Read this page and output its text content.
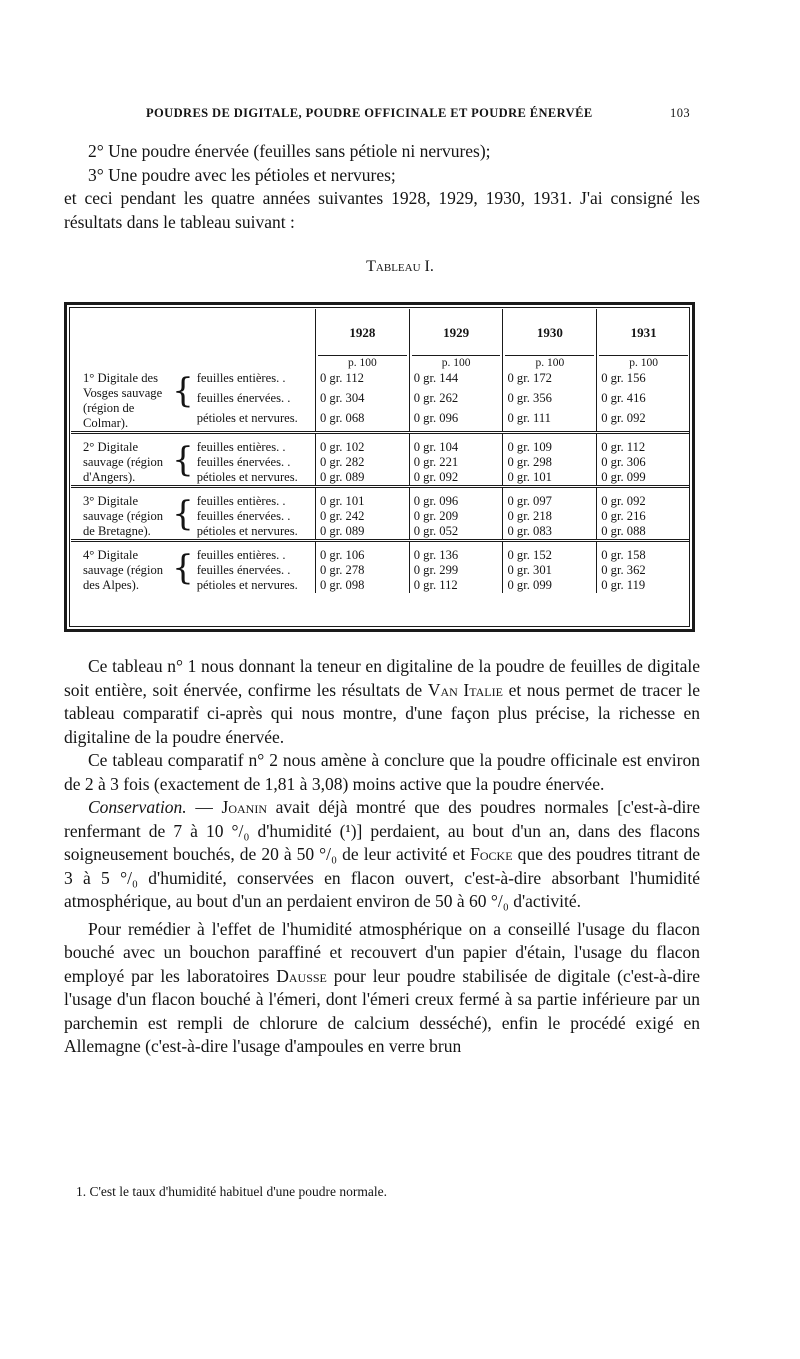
POUDRES DE DIGITALE, POUDRE OFFICINALE ET POUDRE ÉNERVÉE	103

2° Une poudre énervée (feuilles sans pétiole ni nervures);

3° Une poudre avec les pétioles et nervures;

et ceci pendant les quatre années suivantes 1928, 1929, 1930, 1931. J'ai consigné les résultats dans le tableau suivant :

Tableau I.
			1928	1929	1930	1931
			p. 100	p. 100	p. 100	p. 100
1° Digitale des Vosges sauvage (région de Colmar).	{	feuilles entières. .	0 gr. 112	0 gr. 144	0 gr. 172	0 gr. 156
		feuilles énervées. .	0 gr. 304	0 gr. 262	0 gr. 356	0 gr. 416
		pétioles et nervures.	0 gr. 068	0 gr. 096	0 gr. 111	0 gr. 092

2° Digitale sauvage (région d'Angers).	{	feuilles entières. .	0 gr. 102	0 gr. 104	0 gr. 109	0 gr. 112
		feuilles énervées. .	0 gr. 282	0 gr. 221	0 gr. 298	0 gr. 306
		pétioles et nervures.	0 gr. 089	0 gr. 092	0 gr. 101	0 gr. 099

3° Digitale sauvage (région de Bretagne).	{	feuilles entières. .	0 gr. 101	0 gr. 096	0 gr. 097	0 gr. 092
		feuilles énervées. .	0 gr. 242	0 gr. 209	0 gr. 218	0 gr. 216
		pétioles et nervures.	0 gr. 089	0 gr. 052	0 gr. 083	0 gr. 088

4° Digitale sauvage (région des Alpes).	{	feuilles entières. .	0 gr. 106	0 gr. 136	0 gr. 152	0 gr. 158
		feuilles énervées. .	0 gr. 278	0 gr. 299	0 gr. 301	0 gr. 362
		pétioles et nervures.	0 gr. 098	0 gr. 112	0 gr. 099	0 gr. 119

Ce tableau n° 1 nous donnant la teneur en digitaline de la poudre de feuilles de digitale soit entière, soit énervée, confirme les résultats de Van Italie et nous permet de tracer le tableau comparatif ci-après qui nous montre, d'une façon plus précise, la richesse en digitaline de la poudre énervée.

Ce tableau comparatif n° 2 nous amène à conclure que la poudre officinale est environ de 2 à 3 fois (exactement de 1,81 à 3,08) moins active que la poudre énervée.

Conservation. — Joanin avait déjà montré que des poudres normales [c'est-à-dire renfermant de 7 à 10 °/₀ d'humidité (¹)] perdaient, au bout d'un an, dans des flacons soigneusement bouchés, de 20 à 50 °/₀ de leur activité et Focke que des poudres titrant de 3 à 5 °/₀ d'humidité, conservées en flacon ouvert, c'est-à-dire absorbant l'humidité atmosphérique, au bout d'un an perdaient environ de 50 à 60 °/₀ d'activité.

Pour remédier à l'effet de l'humidité atmosphérique on a conseillé l'usage du flacon bouché avec un bouchon paraffiné et recouvert d'un papier d'étain, l'usage du flacon employé par les laboratoires Dausse pour leur poudre stabilisée de digitale (c'est-à-dire l'usage d'un flacon bouché à l'émeri, dont l'émeri creux fermé à sa partie inférieure par un parchemin est rempli de chlorure de calcium desséché), enfin le procédé exigé en Allemagne (c'est-à-dire l'usage d'ampoules en verre brun

1. C'est le taux d'humidité habituel d'une poudre normale.
